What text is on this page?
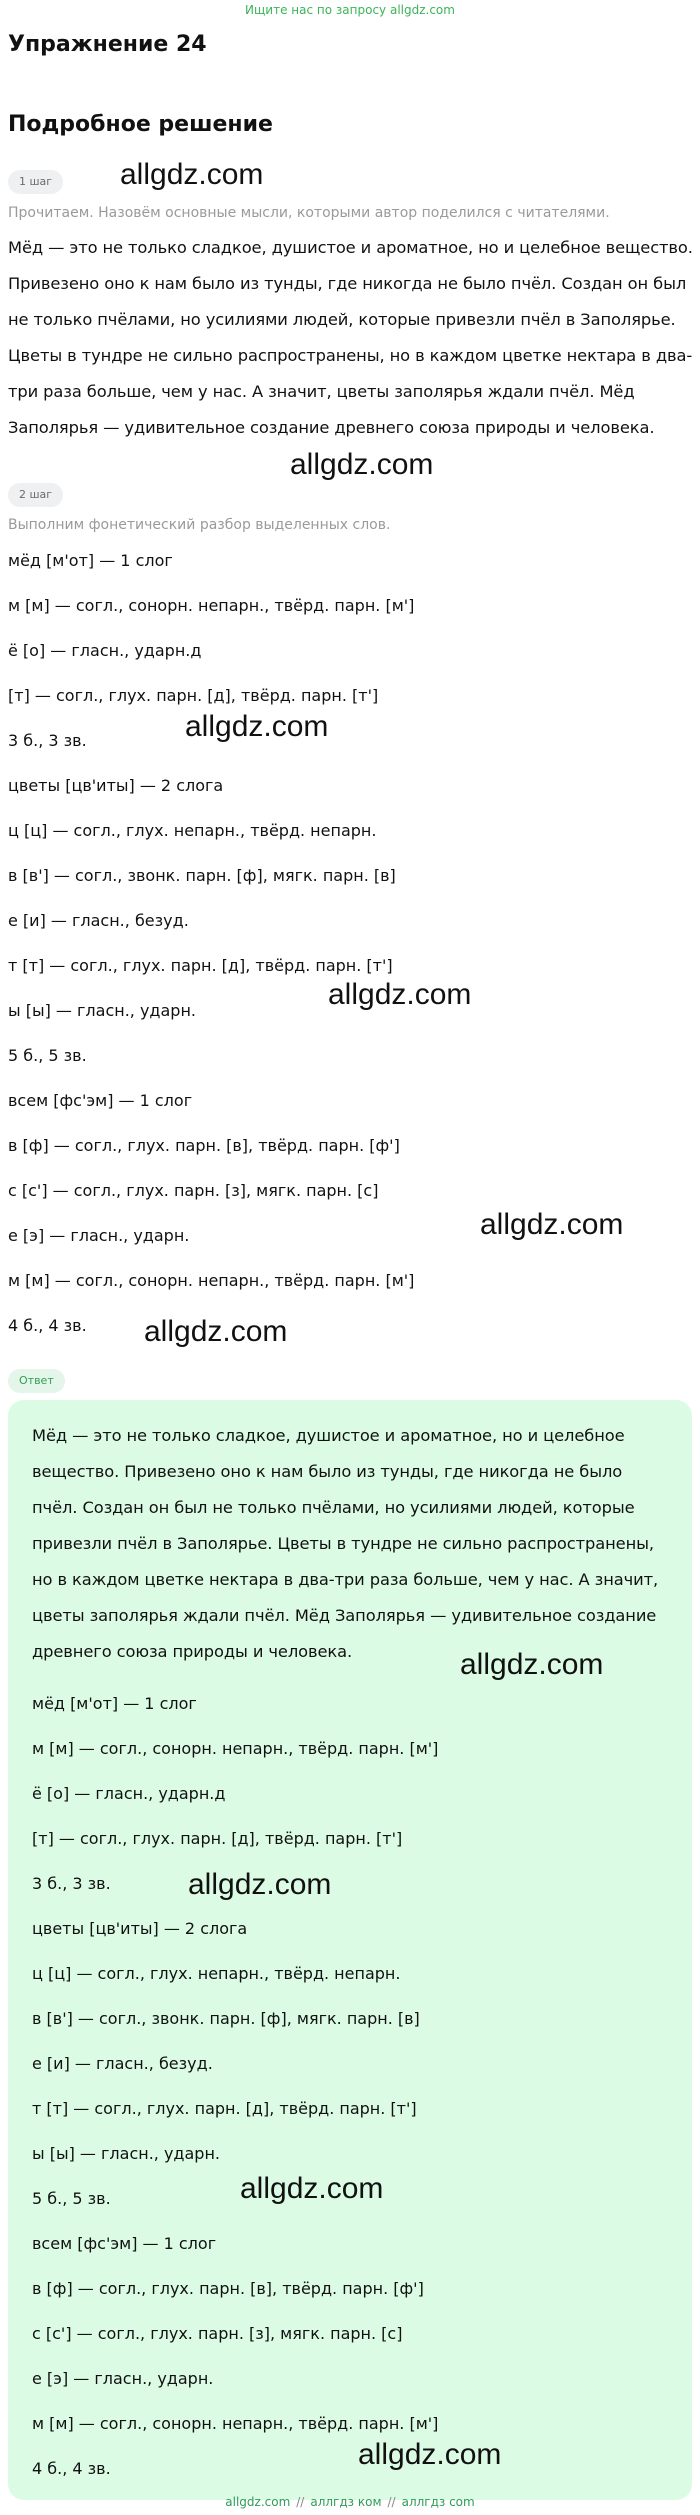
Ищите нас по запросу allgdz.com
Упражнение 24
Подробное решение
1 шаг	allgdz.com
Прочитаем. Назовём основные мысли, которыми автор поделился с читателями.

Мёд — это не только сладкое, душистое и ароматное, но и целебное вещество. Привезено оно к нам было из тунды, где никогда не было пчёл. Создан он был не только пчёлами, но усилиями людей, которые привезли пчёл в Заполярье. Цветы в тундре не сильно распространены, но в каждом цветке нектара в два-три раза больше, чем у нас. А значит, цветы заполярья ждали пчёл. Мёд Заполярья — удивительное создание древнего союза природы и человека.

allgdz.com
2 шаг
Выполним фонетический разбор выделенных слов.
мёд [м'от] — 1 слог
м [м] — согл., сонорн. непарн., твёрд. парн. [м']
ё [о] — гласн., ударн.д
[т] — согл., глух. парн. [д], твёрд. парн. [т']
allgdz.com
3 б., 3 зв.
цветы [цв'иты] — 2 слога
ц [ц] — согл., глух. непарн., твёрд. непарн.
в [в'] — согл., звонк. парн. [ф], мягк. парн. [в]
е [и] — гласн., безуд.
т [т] — согл., глух. парн. [д], твёрд. парн. [т']
allgdz.com
ы [ы] — гласн., ударн.
5 б., 5 зв.
всем [фс'эм] — 1 слог
в [ф] — согл., глух. парн. [в], твёрд. парн. [ф']
с [с'] — согл., глух. парн. [з], мягк. парн. [с]
allgdz.com
е [э] — гласн., ударн.
м [м] — согл., сонорн. непарн., твёрд. парн. [м']
allgdz.com
4 б., 4 зв.
Ответ

Мёд — это не только сладкое, душистое и ароматное, но и целебное вещество. Привезено оно к нам было из тунды, где никогда не было пчёл. Создан он был не только пчёлами, но усилиями людей, которые привезли пчёл в Заполярье. Цветы в тундре не сильно распространены, но в каждом цветке нектара в два-три раза больше, чем у нас. А значит, цветы заполярья ждали пчёл. Мёд Заполярья — удивительное создание древнего союза природы и человека.	allgdz.com
мёд [м'от] — 1 слог
м [м] — согл., сонорн. непарн., твёрд. парн. [м']
ё [о] — гласн., ударн.д
[т] — согл., глух. парн. [д], твёрд. парн. [т']
allgdz.com
3 б., 3 зв.
цветы [цв'иты] — 2 слога
ц [ц] — согл., глух. непарн., твёрд. непарн.
в [в'] — согл., звонк. парн. [ф], мягк. парн. [в]
е [и] — гласн., безуд.
т [т] — согл., глух. парн. [д], твёрд. парн. [т']
ы [ы] — гласн., ударн.
allgdz.com
5 б., 5 зв.
всем [фс'эм] — 1 слог
в [ф] — согл., глух. парн. [в], твёрд. парн. [ф']
с [с'] — согл., глух. парн. [з], мягк. парн. [с]
е [э] — гласн., ударн.
м [м] — согл., сонорн. непарн., твёрд. парн. [м']
allgdz.com
4 б., 4 зв.
allgdz.com // аллгдз ком // аллгдз com
